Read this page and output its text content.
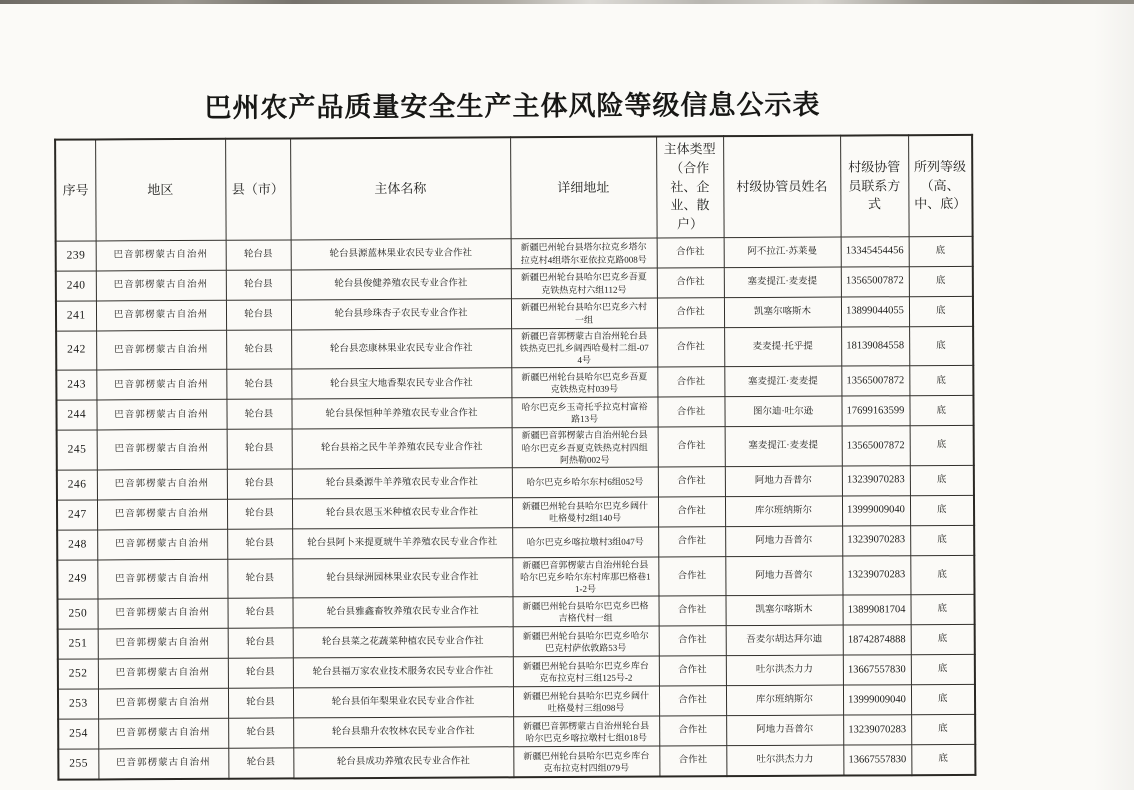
巴州农产品质量安全生产主体风险等级信息公示表
序号	地区	县（市）	主体名称	详细地址	主体类型（合作社、企业、散户）	村级协管员姓名	村级协管员联系方式	所列等级（高、中、底）
239	巴音郭楞蒙古自治州	轮台县	轮台县源蓝林果业农民专业合作社	新疆巴州轮台县塔尔拉克乡塔尔拉克村4组塔尔亚依拉克路008号	合作社	阿不拉江·苏莱曼	13345454456	底
240	巴音郭楞蒙古自治州	轮台县	轮台县俊健养殖农民专业合作社	新疆巴州轮台县哈尔巴克乡吾夏克铁热克村六组112号	合作社	塞麦提江·麦麦提	13565007872	底
241	巴音郭楞蒙古自治州	轮台县	轮台县珍珠杏子农民专业合作社	新疆巴州轮台县哈尔巴克乡六村一组	合作社	凯塞尔喀斯木	13899044055	底
242	巴音郭楞蒙古自治州	轮台县	轮台县恋康林果业农民专业合作社	新疆巴音郭楞蒙古自治州轮台县铁热克巴扎乡阔西哈曼村二组-074号	合作社	麦麦提·托乎提	18139084558	底
243	巴音郭楞蒙古自治州	轮台县	轮台县宝大地香梨农民专业合作社	新疆巴州轮台县哈尔巴克乡吾夏克铁热克村039号	合作社	塞麦提江·麦麦提	13565007872	底
244	巴音郭楞蒙古自治州	轮台县	轮台县保恒种羊养殖农民专业合作社	哈尔巴克乡玉奇托乎拉克村富裕路13号	合作社	图尔迪·吐尔逊	17699163599	底
245	巴音郭楞蒙古自治州	轮台县	轮台县裕之民牛羊养殖农民专业合作社	新疆巴音郭楞蒙古自治州轮台县哈尔巴克乡吾夏克铁热克村四组阿热勒002号	合作社	塞麦提江·麦麦提	13565007872	底
246	巴音郭楞蒙古自治州	轮台县	轮台县桑源牛羊养殖农民专业合作社	哈尔巴克乡哈尔东村6组052号	合作社	阿地力吾普尔	13239070283	底
247	巴音郭楞蒙古自治州	轮台县	轮台县农恩玉米种植农民专业合作社	新疆巴州轮台县哈尔巴克乡阔什吐格曼村2组140号	合作社	库尔班纳斯尔	13999009040	底
248	巴音郭楞蒙古自治州	轮台县	轮台县阿卜来提夏琥牛羊养殖农民专业合作社	哈尔巴克乡喀拉墩村3组047号	合作社	阿地力吾普尔	13239070283	底
249	巴音郭楞蒙古自治州	轮台县	轮台县绿洲园林果业农民专业合作社	新疆巴音郭楞蒙古自治州轮台县哈尔巴克乡哈尔东村库那巴格巷11-2号	合作社	阿地力吾普尔	13239070283	底
250	巴音郭楞蒙古自治州	轮台县	轮台县雅鑫畜牧养殖农民专业合作社	新疆巴州轮台县哈尔巴克乡巴格吉格代村一组	合作社	凯塞尔喀斯木	13899081704	底
251	巴音郭楞蒙古自治州	轮台县	轮台县菜之花蔬菜种植农民专业合作社	新疆巴州轮台县哈尔巴克乡哈尔巴克村萨依敦路53号	合作社	吾麦尔胡达拜尔迪	18742874888	底
252	巴音郭楞蒙古自治州	轮台县	轮台县福万家农业技术服务农民专业合作社	新疆巴州轮台县哈尔巴克乡库台克布拉克村三组125号-2	合作社	吐尔洪杰力力	13667557830	底
253	巴音郭楞蒙古自治州	轮台县	轮台县佰年梨果业农民专业合作社	新疆巴州轮台县哈尔巴克乡阔什吐格曼村三组098号	合作社	库尔班纳斯尔	13999009040	底
254	巴音郭楞蒙古自治州	轮台县	轮台县鼎升农牧林农民专业合作社	新疆巴音郭楞蒙古自治州轮台县哈尔巴克乡喀拉墩村七组018号	合作社	阿地力吾普尔	13239070283	底
255	巴音郭楞蒙古自治州	轮台县	轮台县成功养殖农民专业合作社	新疆巴州轮台县哈尔巴克乡库台克布拉克村四组079号	合作社	吐尔洪杰力力	13667557830	底
